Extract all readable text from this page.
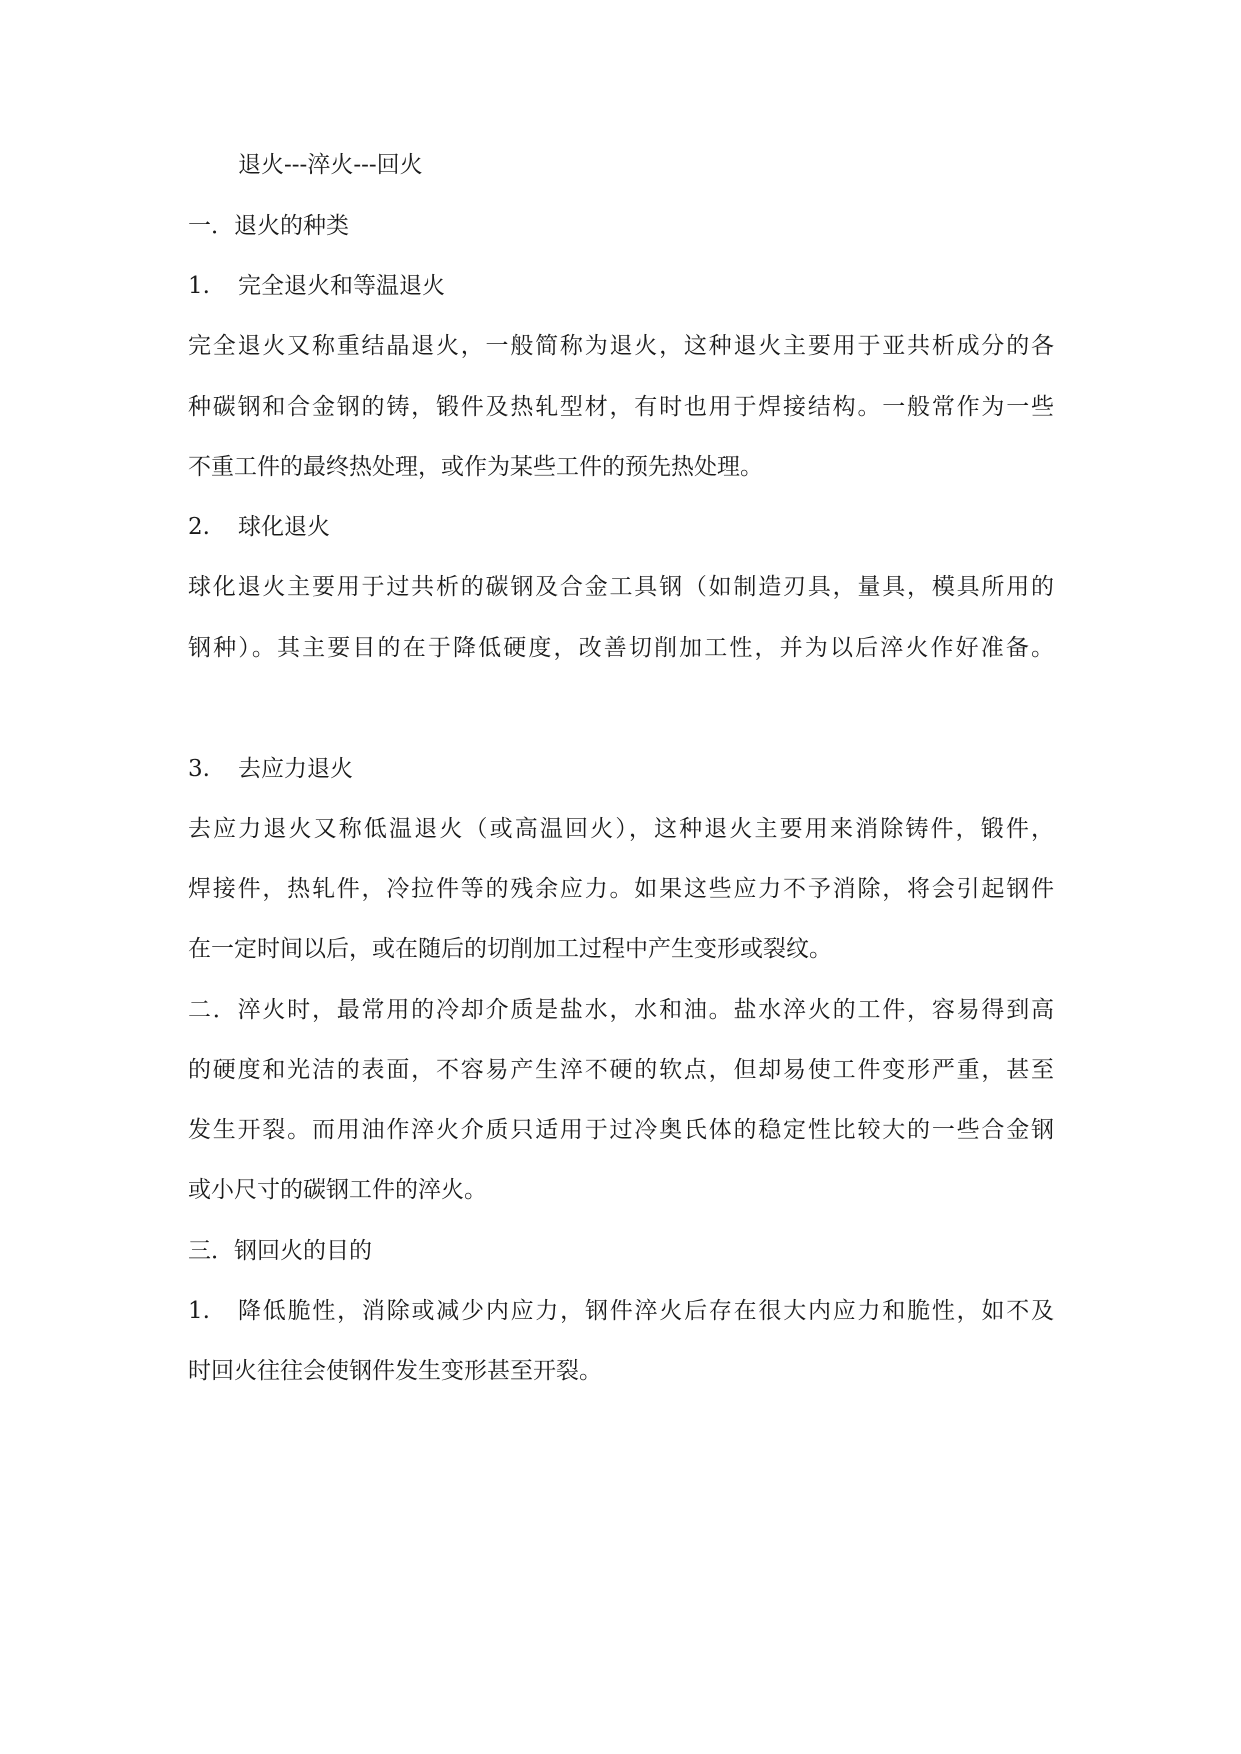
退火---淬火---回火
一．退火的种类
1. 完全退火和等温退火
完全退火又称重结晶退火，一般简称为退火，这种退火主要用于亚共析成分的各
种碳钢和合金钢的铸，锻件及热轧型材，有时也用于焊接结构。一般常作为一些
不重工件的最终热处理，或作为某些工件的预先热处理。
2. 球化退火
球化退火主要用于过共析的碳钢及合金工具钢（如制造刃具，量具，模具所用的
钢种）。其主要目的在于降低硬度，改善切削加工性，并为以后淬火作好准备。
3. 去应力退火
去应力退火又称低温退火（或高温回火），这种退火主要用来消除铸件，锻件，
焊接件，热轧件，冷拉件等的残余应力。如果这些应力不予消除，将会引起钢件
在一定时间以后，或在随后的切削加工过程中产生变形或裂纹。
二．淬火时，最常用的冷却介质是盐水，水和油。盐水淬火的工件，容易得到高
的硬度和光洁的表面，不容易产生淬不硬的软点，但却易使工件变形严重，甚至
发生开裂。而用油作淬火介质只适用于过冷奥氏体的稳定性比较大的一些合金钢
或小尺寸的碳钢工件的淬火。
三．钢回火的目的
1. 降低脆性，消除或减少内应力，钢件淬火后存在很大内应力和脆性，如不及
时回火往往会使钢件发生变形甚至开裂。
